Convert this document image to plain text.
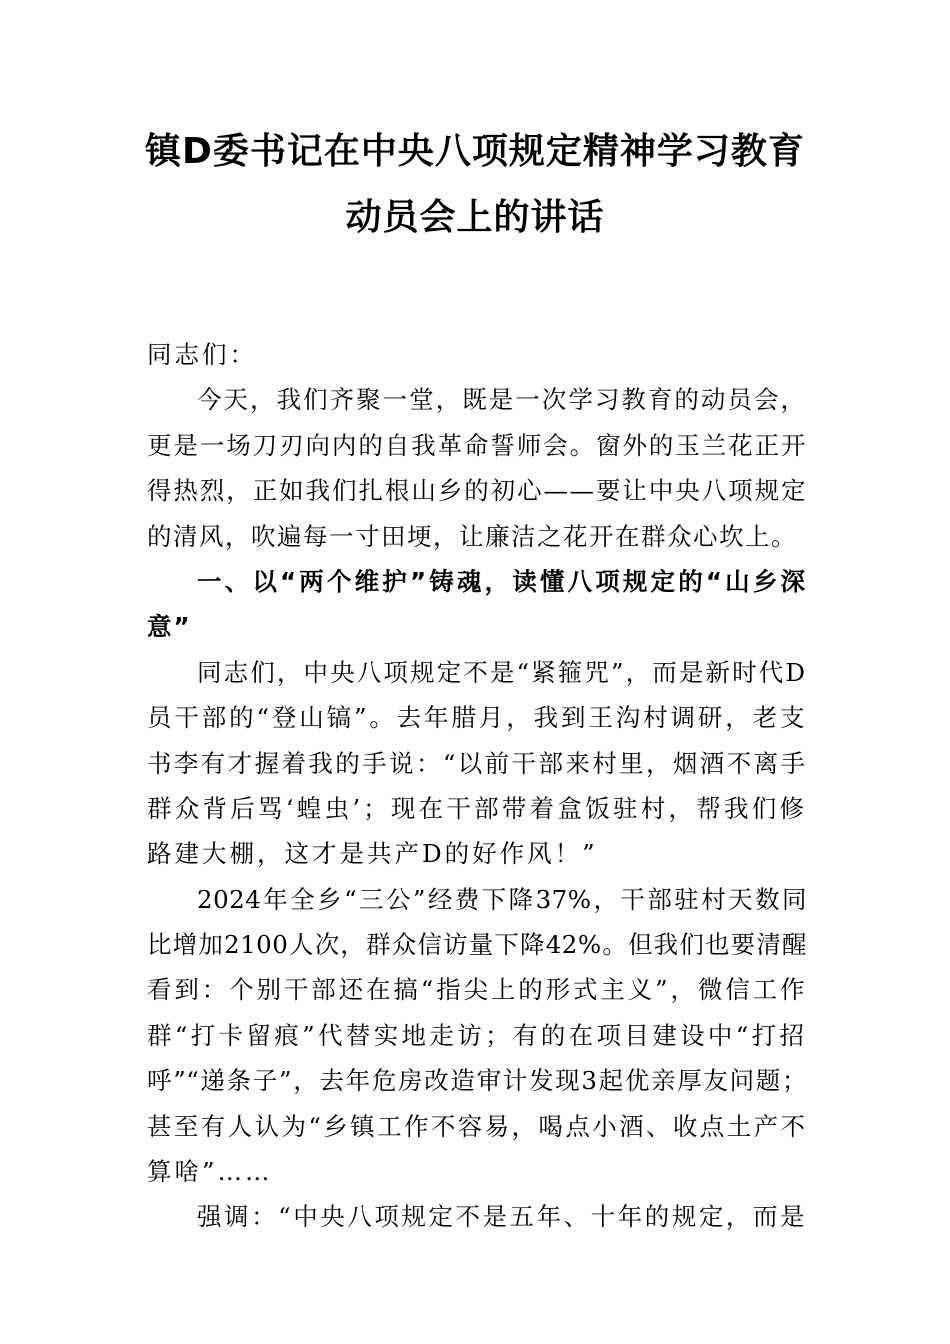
镇D委书记在中央八项规定精神学习教育
动员会上的讲话
同志们：
今天，我们齐聚一堂，既是一次学习教育的动员会，
更是一场刀刃向内的自我革命誓师会。窗外的玉兰花正开
得热烈，正如我们扎根山乡的初心——要让中央八项规定
的清风，吹遍每一寸田埂，让廉洁之花开在群众心坎上。
一、以“两个维护”铸魂，读懂八项规定的“山乡深
意”
同志们，中央八项规定不是“紧箍咒”，而是新时代D
员干部的“登山镐”。去年腊月，我到王沟村调研，老支
书李有才握着我的手说：“以前干部来村里，烟酒不离手
群众背后骂‘蝗虫’；现在干部带着盒饭驻村，帮我们修
路建大棚，这才是共产D的好作风！”
2024年全乡“三公”经费下降37%，干部驻村天数同
比增加2100人次，群众信访量下降42%。但我们也要清醒
看到：个别干部还在搞“指尖上的形式主义”，微信工作
群“打卡留痕”代替实地走访；有的在项目建设中“打招
呼”“递条子”，去年危房改造审计发现3起优亲厚友问题；
甚至有人认为“乡镇工作不容易，喝点小酒、收点土产不
算啥”……
强调：“中央八项规定不是五年、十年的规定，而是
